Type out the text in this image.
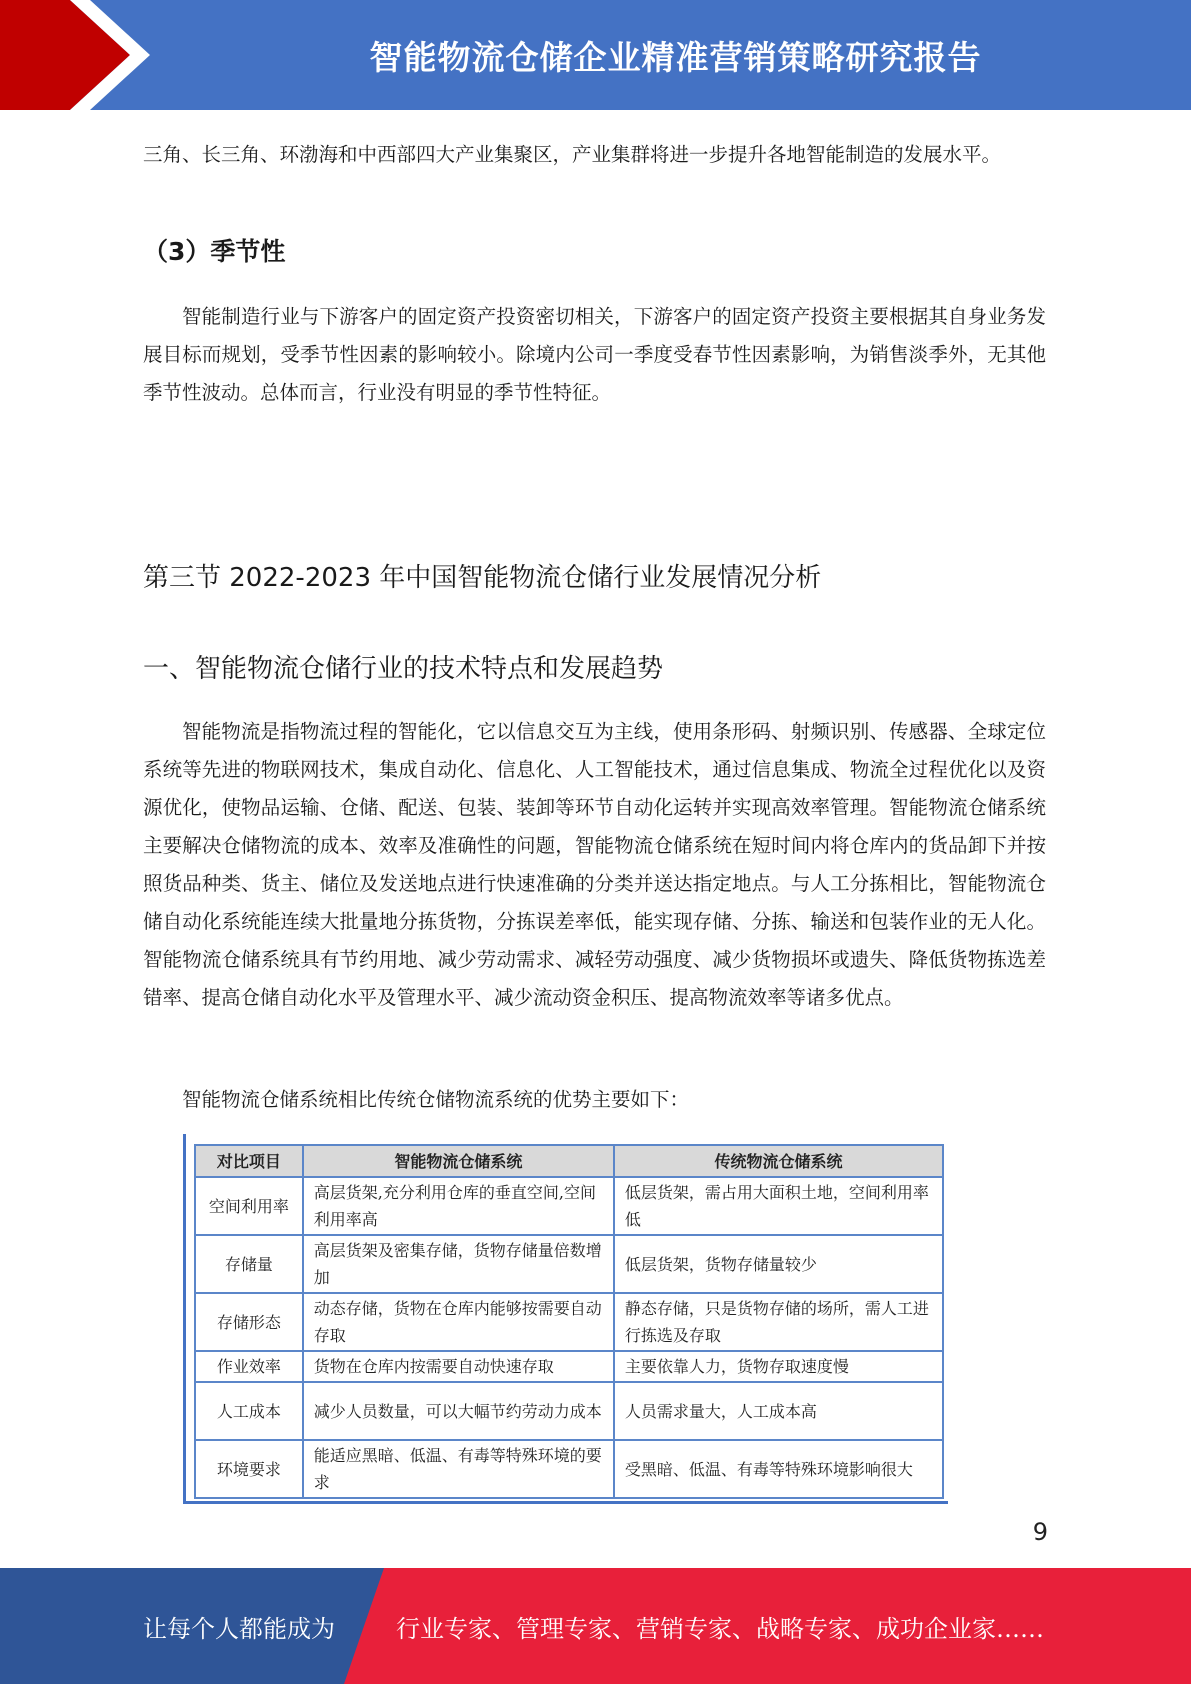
智能物流仓储企业精准营销策略研究报告

三角、长三角、环渤海和中西部四大产业集聚区，产业集群将进一步提升各地智能制造的发展水平。

（3）季节性

智能制造行业与下游客户的固定资产投资密切相关，下游客户的固定资产投资主要根据其自身业务发展目标而规划，受季节性因素的影响较小。除境内公司一季度受春节性因素影响，为销售淡季外，无其他季节性波动。总体而言，行业没有明显的季节性特征。

第三节 2022-2023 年中国智能物流仓储行业发展情况分析
一、智能物流仓储行业的技术特点和发展趋势

智能物流是指物流过程的智能化，它以信息交互为主线，使用条形码、射频识别、传感器、全球定位系统等先进的物联网技术，集成自动化、信息化、人工智能技术，通过信息集成、物流全过程优化以及资源优化，使物品运输、仓储、配送、包装、装卸等环节自动化运转并实现高效率管理。智能物流仓储系统主要解决仓储物流的成本、效率及准确性的问题，智能物流仓储系统在短时间内将仓库内的货品卸下并按照货品种类、货主、储位及发送地点进行快速准确的分类并送达指定地点。与人工分拣相比，智能物流仓储自动化系统能连续大批量地分拣货物，分拣误差率低，能实现存储、分拣、输送和包装作业的无人化。智能物流仓储系统具有节约用地、减少劳动需求、减轻劳动强度、减少货物损坏或遗失、降低货物拣选差错率、提高仓储自动化水平及管理水平、减少流动资金积压、提高物流效率等诸多优点。

智能物流仓储系统相比传统仓储物流系统的优势主要如下：

对比项目	智能物流仓储系统	传统物流仓储系统
空间利用率	高层货架,充分利用仓库的垂直空间,空间利用率高	低层货架，需占用大面积土地，空间利用率低
存储量	高层货架及密集存储，货物存储量倍数增加	低层货架，货物存储量较少
存储形态	动态存储，货物在仓库内能够按需要自动存取	静态存储，只是货物存储的场所，需人工进行拣选及存取
作业效率	货物在仓库内按需要自动快速存取	主要依靠人力，货物存取速度慢
人工成本	减少人员数量，可以大幅节约劳动力成本	人员需求量大，人工成本高
环境要求	能适应黑暗、低温、有毒等特殊环境的要求	受黑暗、低温、有毒等特殊环境影响很大
9
让每个人都能成为	行业专家、管理专家、营销专家、战略专家、成功企业家……
